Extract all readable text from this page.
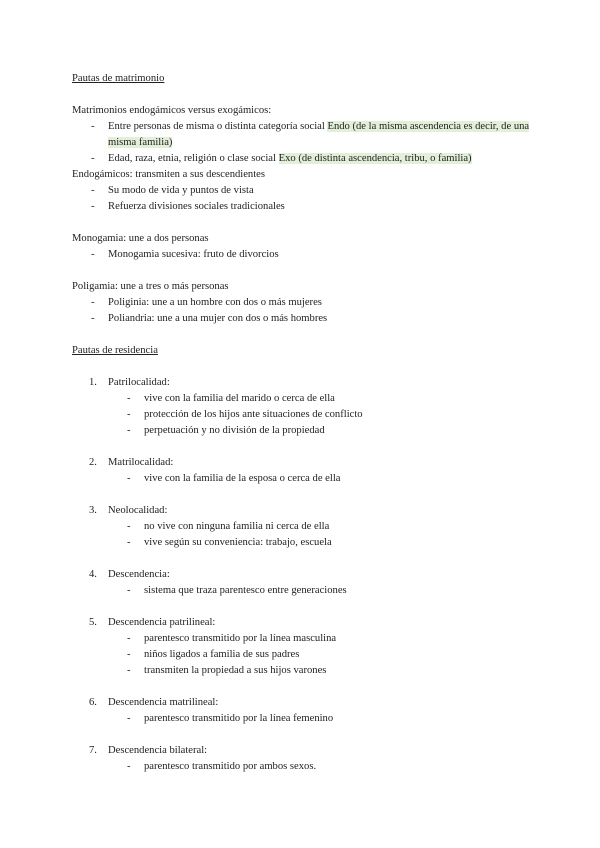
Pautas de matrimonio
Matrimonios endogámicos versus exogámicos:
- Entre personas de misma o distinta categoría social Endo (de la misma ascendencia es decir, de una misma familia)
- Edad, raza, etnia, religión o clase social Exo (de distinta ascendencia, tribu, o familia)
Endogámicos: transmiten a sus descendientes
- Su modo de vida y puntos de vista
- Refuerza divisiones sociales tradicionales
Monogamia: une a dos personas
- Monogamia sucesiva: fruto de divorcios
Poligamia: une a tres o más personas
- Poliginia: une a un hombre con dos o más mujeres
- Poliandria: une a una mujer con dos o más hombres
Pautas de residencia
1. Patrilocalidad:
- vive con la familia del marido o cerca de ella
- protección de los hijos ante situaciones de conflicto
- perpetuación y no división de la propiedad
2. Matrilocalidad:
- vive con la familia de la esposa o cerca de ella
3. Neolocalidad:
- no vive con ninguna familia ni cerca de ella
- vive según su conveniencia: trabajo, escuela
4. Descendencia:
- sistema que traza parentesco entre generaciones
5. Descendencia patrilineal:
- parentesco transmitido por la línea masculina
- niños ligados a familia de sus padres
- transmiten la propiedad a sus hijos varones
6. Descendencia matrilineal:
- parentesco transmitido por la línea femenino
7. Descendencia bilateral:
- parentesco transmitido por ambos sexos.
